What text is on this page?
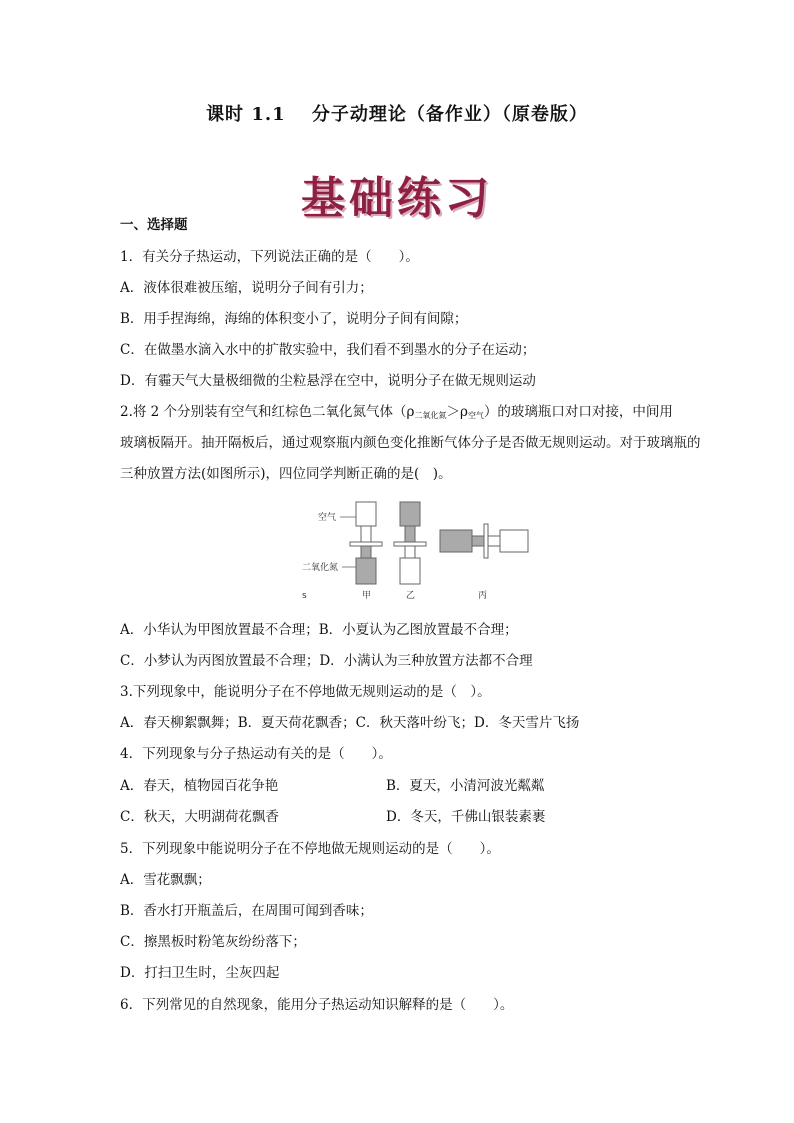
课时 1.1　 分子动理论（备作业）（原卷版）
基础练习
一、选择题
1．有关分子热运动，下列说法正确的是（　　）。
A．液体很难被压缩，说明分子间有引力；
B．用手捏海绵，海绵的体积变小了，说明分子间有间隙；
C．在做墨水滴入水中的扩散实验中，我们看不到墨水的分子在运动；
D．有霾天气大量极细微的尘粒悬浮在空中，说明分子在做无规则运动
2.将 2 个分别装有空气和红棕色二氧化氮气体$(\rho_{二氧化氮}>\rho_{空气})$的玻璃瓶口对口对接，中间用
玻璃板隔开。抽开隔板后，通过观察瓶内颜色变化推断气体分子是否做无规则运动。对于玻璃瓶的
三种放置方法(如图所示)，四位同学判断正确的是(　)。
空气
二氧化氮
s	甲	乙	丙
A．小华认为甲图放置最不合理；B．小夏认为乙图放置最不合理；
C．小梦认为丙图放置最不合理；D．小满认为三种放置方法都不合理
3.下列现象中，能说明分子在不停地做无规则运动的是（　）。
A．春天柳絮飘舞；B．夏天荷花飘香；C．秋天落叶纷飞；D．冬天雪片飞扬
4．下列现象与分子热运动有关的是（　　）。
A．春天，植物园百花争艳	B．夏天，小清河波光粼粼
C．秋天，大明湖荷花飘香	D．冬天，千佛山银装素裹
5．下列现象中能说明分子在不停地做无规则运动的是（　　）。
A．雪花飘飘；
B．香水打开瓶盖后，在周围可闻到香味；
C．擦黑板时粉笔灰纷纷落下；
D．打扫卫生时，尘灰四起
6．下列常见的自然现象，能用分子热运动知识解释的是（　　）。
